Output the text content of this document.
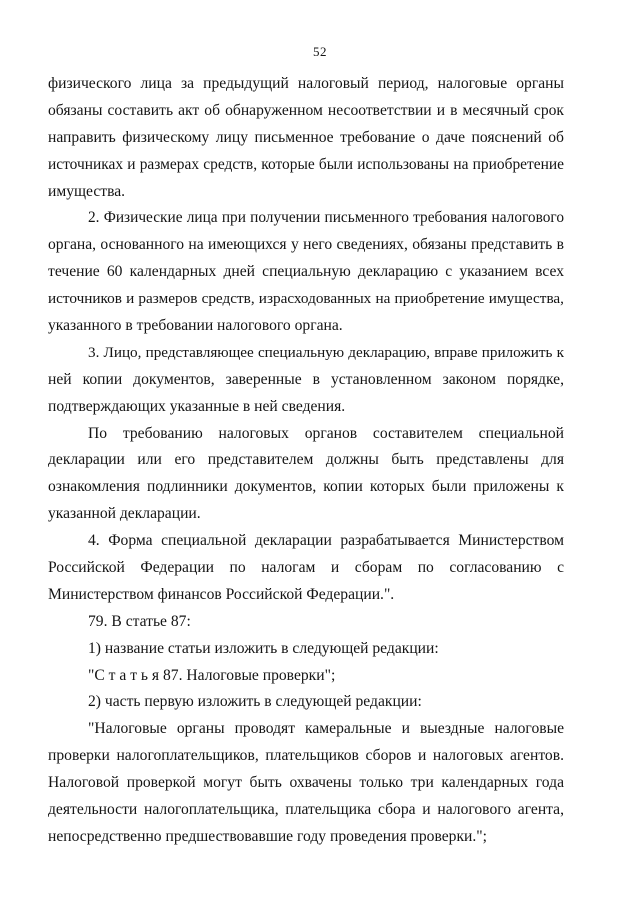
52
физического лица за предыдущий налоговый период, налоговые органы
обязаны составить акт об обнаруженном несоответствии и в месячный срок
направить физическому лицу письменное требование о даче пояснений об
источниках и размерах средств, которые были использованы на приобретение
имущества.
2. Физические лица при получении письменного требования налогового
органа, основанного на имеющихся у него сведениях, обязаны представить в
течение 60 календарных дней специальную декларацию с указанием всех
источников и размеров средств, израсходованных на приобретение имущества,
указанного в требовании налогового органа.
3. Лицо, представляющее специальную декларацию, вправе приложить к
ней копии документов, заверенные в установленном законом порядке,
подтверждающих указанные в ней сведения.
По требованию налоговых органов составителем специальной
декларации или его представителем должны быть представлены для
ознакомления подлинники документов, копии которых были приложены к
указанной декларации.
4. Форма специальной декларации разрабатывается Министерством
Российской Федерации по налогам и сборам по согласованию с
Министерством финансов Российской Федерации.".
79. В статье 87:
1) название статьи изложить в следующей редакции:
"С т а т ь я 87. Налоговые проверки";
2) часть первую изложить в следующей редакции:
"Налоговые органы проводят камеральные и выездные налоговые
проверки налогоплательщиков, плательщиков сборов и налоговых агентов.
Налоговой проверкой могут быть охвачены только три календарных года
деятельности налогоплательщика, плательщика сбора и налогового агента,
непосредственно предшествовавшие году проведения проверки.";
